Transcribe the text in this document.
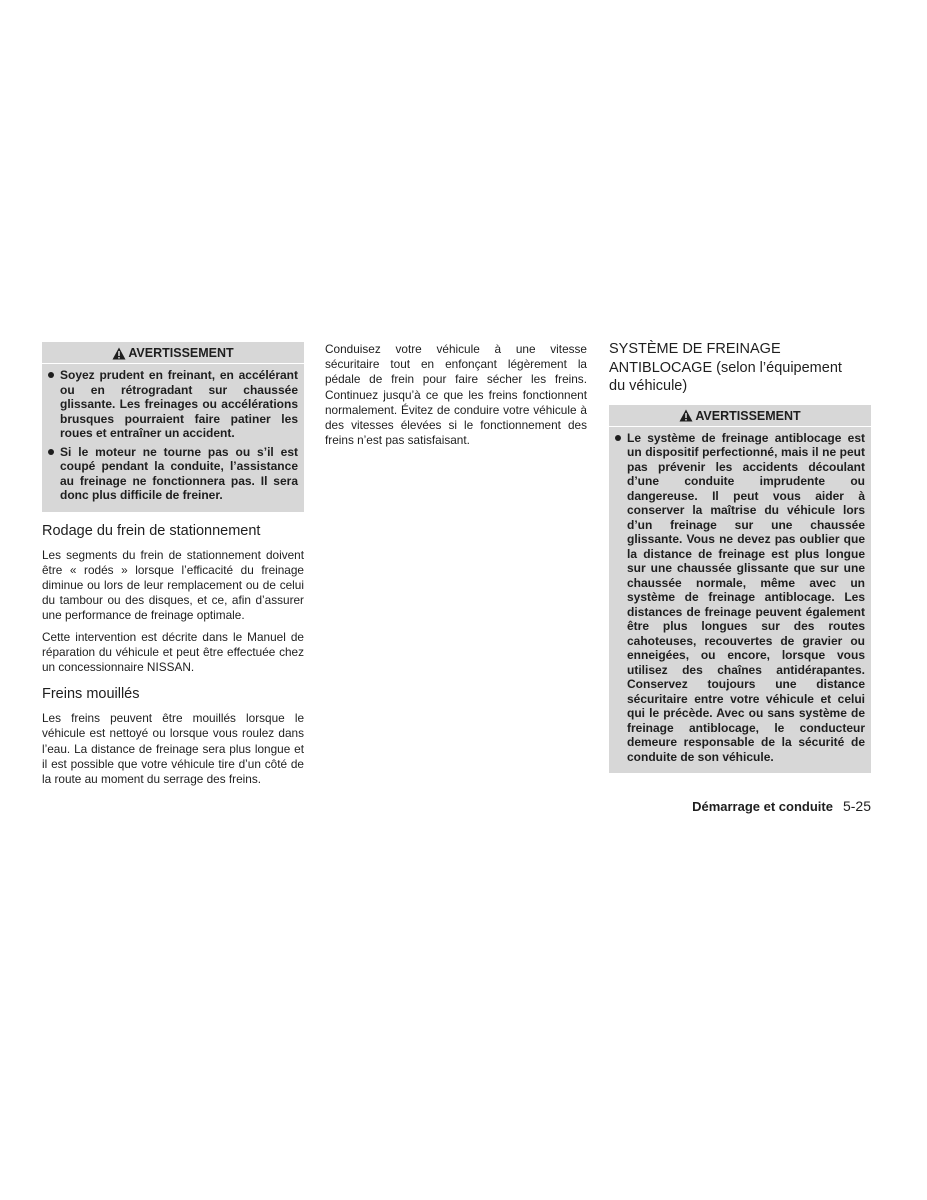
AVERTISSEMENT
Soyez prudent en freinant, en accélérant ou en rétrogradant sur chaussée glissante. Les freinages ou accélérations brusques pourraient faire patiner les roues et entraîner un accident.
Si le moteur ne tourne pas ou s’il est coupé pendant la conduite, l’assistance au freinage ne fonctionnera pas. Il sera donc plus difficile de freiner.
Rodage du frein de stationnement

Les segments du frein de stationnement doivent être « rodés » lorsque l’efficacité du freinage diminue ou lors de leur remplacement ou de celui du tambour ou des disques, et ce, afin d’assurer une performance de freinage optimale.

Cette intervention est décrite dans le Manuel de réparation du véhicule et peut être effectuée chez un concessionnaire NISSAN.

Freins mouillés

Les freins peuvent être mouillés lorsque le véhicule est nettoyé ou lorsque vous roulez dans l’eau. La distance de freinage sera plus longue et il est possible que votre véhicule tire d’un côté de la route au moment du serrage des freins.

Conduisez votre véhicule à une vitesse sécuritaire tout en enfonçant légèrement la pédale de frein pour faire sécher les freins. Continuez jusqu’à ce que les freins fonctionnent normalement. Évitez de conduire votre véhicule à des vitesses élevées si le fonctionnement des freins n’est pas satisfaisant.

SYSTÈME DE FREINAGE
ANTIBLOCAGE (selon l’équipement
du véhicule)
AVERTISSEMENT
Le système de freinage antiblocage est un dispositif perfectionné, mais il ne peut pas prévenir les accidents découlant d’une conduite imprudente ou dangereuse. Il peut vous aider à conserver la maîtrise du véhicule lors d’un freinage sur une chaussée glissante. Vous ne devez pas oublier que la distance de freinage est plus longue sur une chaussée glissante que sur une chaussée normale, même avec un système de freinage antiblocage. Les distances de freinage peuvent également être plus longues sur des routes cahoteuses, recouvertes de gravier ou enneigées, ou encore, lorsque vous utilisez des chaînes antidérapantes. Conservez toujours une distance sécuritaire entre votre véhicule et celui qui le précède. Avec ou sans système de freinage antiblocage, le conducteur demeure responsable de la sécurité de conduite de son véhicule.
Démarrage et conduite 5-25
